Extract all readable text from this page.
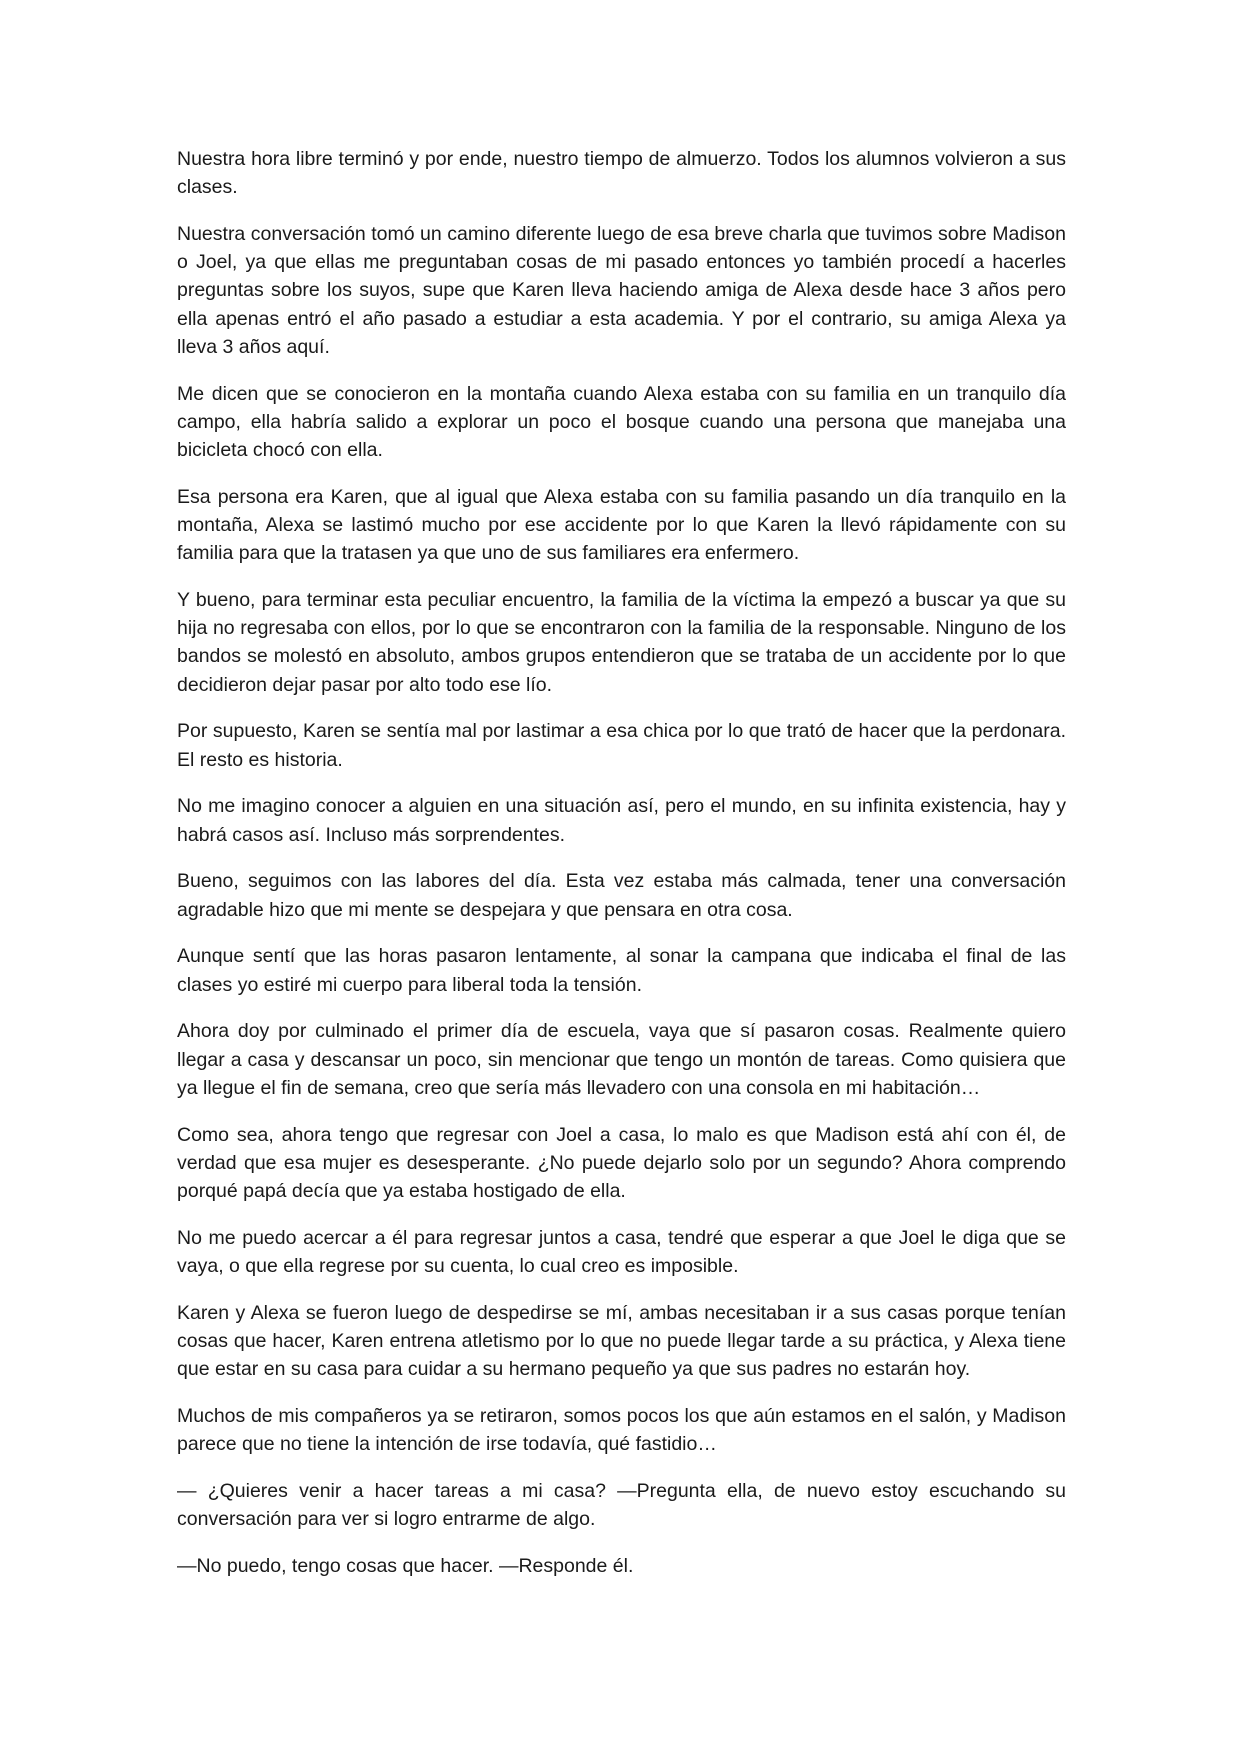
Nuestra hora libre terminó y por ende, nuestro tiempo de almuerzo. Todos los alumnos volvieron a sus clases.

Nuestra conversación tomó un camino diferente luego de esa breve charla que tuvimos sobre Madison o Joel, ya que ellas me preguntaban cosas de mi pasado entonces yo también procedí a hacerles preguntas sobre los suyos, supe que Karen lleva haciendo amiga de Alexa desde hace 3 años pero ella apenas entró el año pasado a estudiar a esta academia. Y por el contrario, su amiga Alexa ya lleva 3 años aquí.

Me dicen que se conocieron en la montaña cuando Alexa estaba con su familia en un tranquilo día campo, ella habría salido a explorar un poco el bosque cuando una persona que manejaba una bicicleta chocó con ella.

Esa persona era Karen, que al igual que Alexa estaba con su familia pasando un día tranquilo en la montaña, Alexa se lastimó mucho por ese accidente por lo que Karen la llevó rápidamente con su familia para que la tratasen ya que uno de sus familiares era enfermero.

Y bueno, para terminar esta peculiar encuentro, la familia de la víctima la empezó a buscar ya que su hija no regresaba con ellos, por lo que se encontraron con la familia de la responsable. Ninguno de los bandos se molestó en absoluto, ambos grupos entendieron que se trataba de un accidente por lo que decidieron dejar pasar por alto todo ese lío.

Por supuesto, Karen se sentía mal por lastimar a esa chica por lo que trató de hacer que la perdonara. El resto es historia.

No me imagino conocer a alguien en una situación así, pero el mundo, en su infinita existencia, hay y habrá casos así. Incluso más sorprendentes.

Bueno, seguimos con las labores del día. Esta vez estaba más calmada, tener una conversación agradable hizo que mi mente se despejara y que pensara en otra cosa.

Aunque sentí que las horas pasaron lentamente, al sonar la campana que indicaba el final de las clases yo estiré mi cuerpo para liberal toda la tensión.

Ahora doy por culminado el primer día de escuela, vaya que sí pasaron cosas. Realmente quiero llegar a casa y descansar un poco, sin mencionar que tengo un montón de tareas. Como quisiera que ya llegue el fin de semana, creo que sería más llevadero con una consola en mi habitación…

Como sea, ahora tengo que regresar con Joel a casa, lo malo es que Madison está ahí con él, de verdad que esa mujer es desesperante. ¿No puede dejarlo solo por un segundo? Ahora comprendo porqué papá decía que ya estaba hostigado de ella.

No me puedo acercar a él para regresar juntos a casa, tendré que esperar a que Joel le diga que se vaya, o que ella regrese por su cuenta, lo cual creo es imposible.

Karen y Alexa se fueron luego de despedirse se mí, ambas necesitaban ir a sus casas porque tenían cosas que hacer, Karen entrena atletismo por lo que no puede llegar tarde a su práctica, y Alexa tiene que estar en su casa para cuidar a su hermano pequeño ya que sus padres no estarán hoy.

Muchos de mis compañeros ya se retiraron, somos pocos los que aún estamos en el salón, y Madison parece que no tiene la intención de irse todavía, qué fastidio…

— ¿Quieres venir a hacer tareas a mi casa? —Pregunta ella, de nuevo estoy escuchando su conversación para ver si logro entrarme de algo.

—No puedo, tengo cosas que hacer. —Responde él.
